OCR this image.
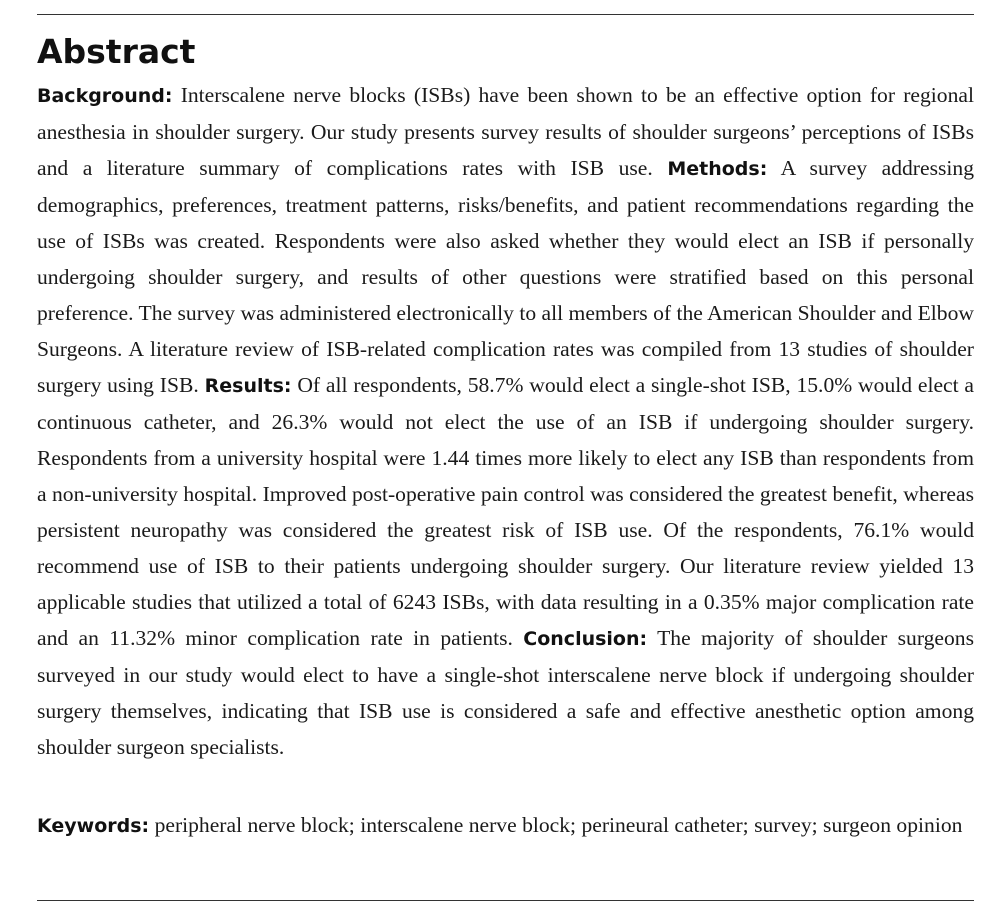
Abstract

Background: Interscalene nerve blocks (ISBs) have been shown to be an effective option for regional anesthesia in shoulder surgery. Our study presents survey results of shoulder surgeons’ perceptions of ISBs and a literature summary of complications rates with ISB use. Methods: A survey addressing demographics, preferences, treatment patterns, risks/benefits, and patient recommendations regarding the use of ISBs was created. Respondents were also asked whether they would elect an ISB if personally undergoing shoulder surgery, and results of other questions were stratified based on this personal preference. The survey was administered electronically to all members of the American Shoulder and Elbow Surgeons. A literature review of ISB-related complication rates was compiled from 13 studies of shoulder surgery using ISB. Results: Of all respondents, 58.7% would elect a single-shot ISB, 15.0% would elect a continuous catheter, and 26.3% would not elect the use of an ISB if undergoing shoulder surgery. Respondents from a university hospital were 1.44 times more likely to elect any ISB than respondents from a non-university hospital. Improved post-operative pain control was considered the greatest benefit, whereas persistent neuropathy was considered the greatest risk of ISB use. Of the respondents, 76.1% would recommend use of ISB to their patients undergoing shoulder surgery. Our literature review yielded 13 applicable studies that utilized a total of 6243 ISBs, with data resulting in a 0.35% major complication rate and an 11.32% minor complication rate in patients. Conclusion: The majority of shoulder surgeons surveyed in our study would elect to have a single-shot interscalene nerve block if undergoing shoulder surgery themselves, indicating that ISB use is considered a safe and effective anesthetic option among shoulder surgeon specialists.

Keywords: peripheral nerve block; interscalene nerve block; perineural catheter; survey; surgeon opinion
